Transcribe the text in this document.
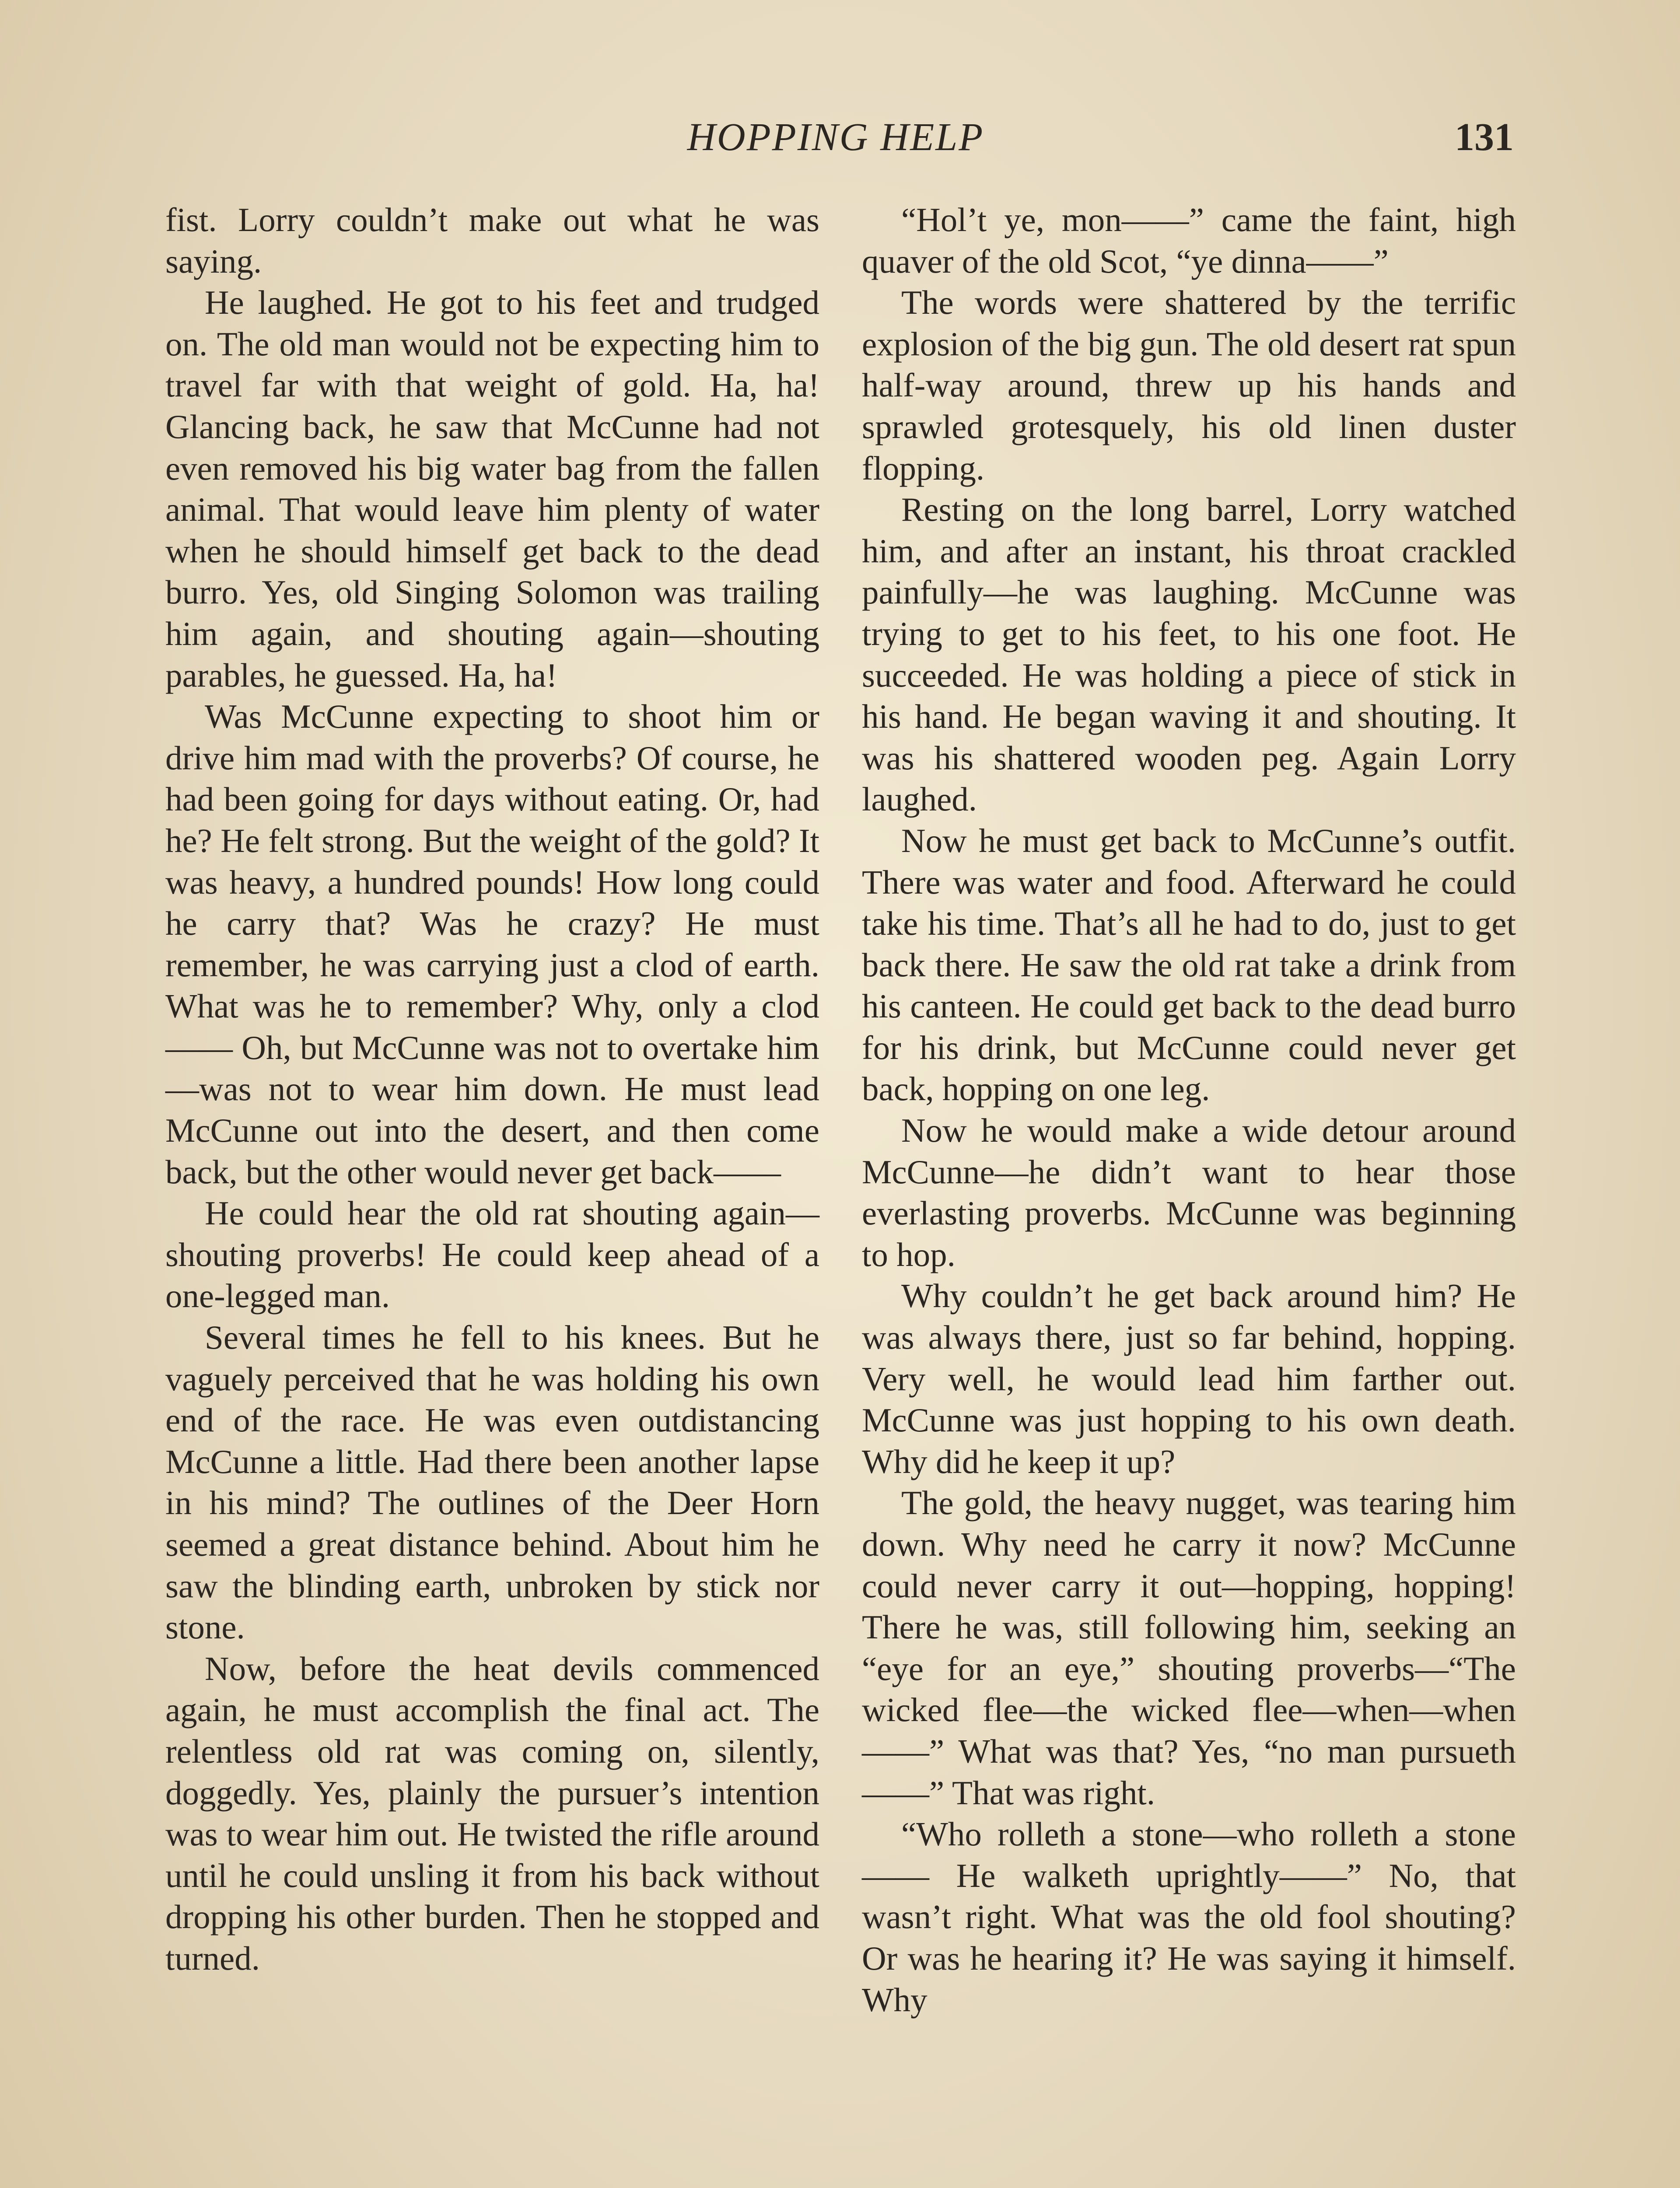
HOPPING HELP	131

fist. Lorry couldn’t make out what he was saying.

He laughed. He got to his feet and trudged on. The old man would not be expecting him to travel far with that weight of gold. Ha, ha! Glancing back, he saw that McCunne had not even removed his big water bag from the fallen animal. That would leave him plenty of water when he should himself get back to the dead burro. Yes, old Singing Solomon was trailing him again, and shouting again—shouting parables, he guessed. Ha, ha!

Was McCunne expecting to shoot him or drive him mad with the proverbs? Of course, he had been going for days without eating. Or, had he? He felt strong. But the weight of the gold? It was heavy, a hundred pounds! How long could he carry that? Was he crazy? He must remember, he was carrying just a clod of earth. What was he to remember? Why, only a clod—— Oh, but McCunne was not to overtake him—was not to wear him down. He must lead McCunne out into the desert, and then come back, but the other would never get back——

He could hear the old rat shouting again—shouting proverbs! He could keep ahead of a one-legged man.

Several times he fell to his knees. But he vaguely perceived that he was holding his own end of the race. He was even outdistancing McCunne a little. Had there been another lapse in his mind? The outlines of the Deer Horn seemed a great distance behind. About him he saw the blinding earth, unbroken by stick nor stone.

Now, before the heat devils commenced again, he must accomplish the final act. The relentless old rat was coming on, silently, doggedly. Yes, plainly the pursuer’s intention was to wear him out. He twisted the rifle around until he could unsling it from his back without dropping his other burden. Then he stopped and turned.

“Hol’t ye, mon——” came the faint, high quaver of the old Scot, “ye dinna——”

The words were shattered by the terrific explosion of the big gun. The old desert rat spun half-way around, threw up his hands and sprawled grotesquely, his old linen duster flopping.

Resting on the long barrel, Lorry watched him, and after an instant, his throat crackled painfully—he was laughing. McCunne was trying to get to his feet, to his one foot. He succeeded. He was holding a piece of stick in his hand. He began waving it and shouting. It was his shattered wooden peg. Again Lorry laughed.

Now he must get back to McCunne’s outfit. There was water and food. Afterward he could take his time. That’s all he had to do, just to get back there. He saw the old rat take a drink from his canteen. He could get back to the dead burro for his drink, but McCunne could never get back, hopping on one leg.

Now he would make a wide detour around McCunne—he didn’t want to hear those everlasting proverbs. McCunne was beginning to hop.

Why couldn’t he get back around him? He was always there, just so far behind, hopping. Very well, he would lead him farther out. McCunne was just hopping to his own death. Why did he keep it up?

The gold, the heavy nugget, was tearing him down. Why need he carry it now? McCunne could never carry it out—hopping, hopping! There he was, still following him, seeking an “eye for an eye,” shouting proverbs—“The wicked flee—the wicked flee—when—when——” What was that? Yes, “no man pursueth——” That was right.

“Who rolleth a stone—who rolleth a stone—— He walketh uprightly——” No, that wasn’t right. What was the old fool shouting? Or was he hearing it? He was saying it himself. Why
